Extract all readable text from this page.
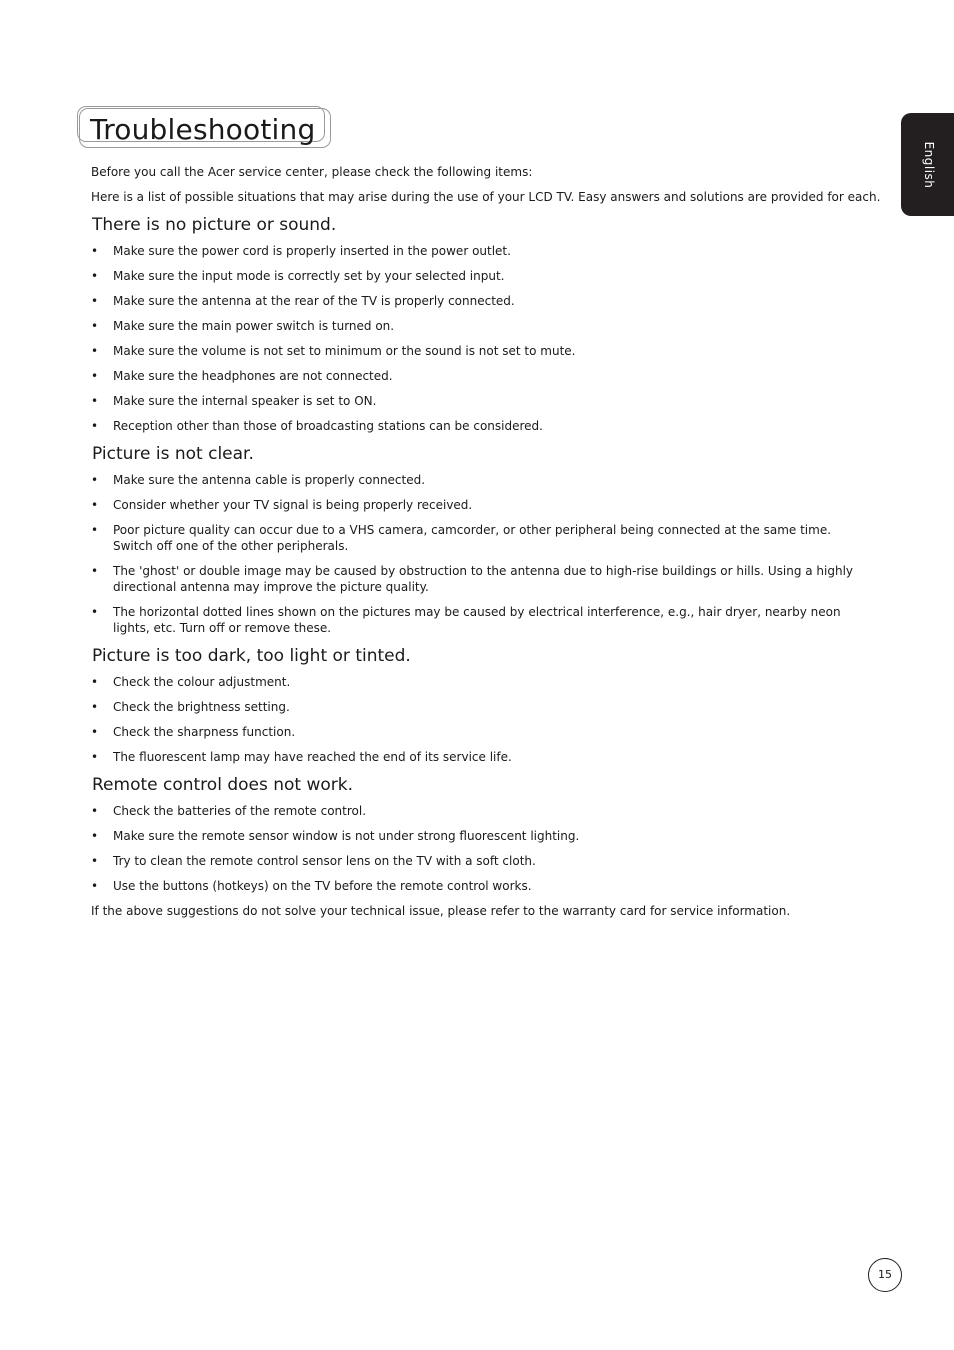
Troubleshooting
English

Before you call the Acer service center, please check the following items:

Here is a list of possible situations that may arise during the use of your LCD TV. Easy answers and solutions are provided for each.

There is no picture or sound.
• Make sure the power cord is properly inserted in the power outlet.
• Make sure the input mode is correctly set by your selected input.
• Make sure the antenna at the rear of the TV is properly connected.
• Make sure the main power switch is turned on.
• Make sure the volume is not set to minimum or the sound is not set to mute.
• Make sure the headphones are not connected.
• Make sure the internal speaker is set to ON.
• Reception other than those of broadcasting stations can be considered.
Picture is not clear.
• Make sure the antenna cable is properly connected.
• Consider whether your TV signal is being properly received.
• Poor picture quality can occur due to a VHS camera, camcorder, or other peripheral being connected at the same time. Switch off one of the other peripherals.
• The 'ghost' or double image may be caused by obstruction to the antenna due to high-rise buildings or hills. Using a highly directional antenna may improve the picture quality.
• The horizontal dotted lines shown on the pictures may be caused by electrical interference, e.g., hair dryer, nearby neon lights, etc. Turn off or remove these.
Picture is too dark, too light or tinted.
• Check the colour adjustment.
• Check the brightness setting.
• Check the sharpness function.
• The fluorescent lamp may have reached the end of its service life.
Remote control does not work.
• Check the batteries of the remote control.
• Make sure the remote sensor window is not under strong fluorescent lighting.
• Try to clean the remote control sensor lens on the TV with a soft cloth.
• Use the buttons (hotkeys) on the TV before the remote control works.

If the above suggestions do not solve your technical issue, please refer to the warranty card for service information.

15
